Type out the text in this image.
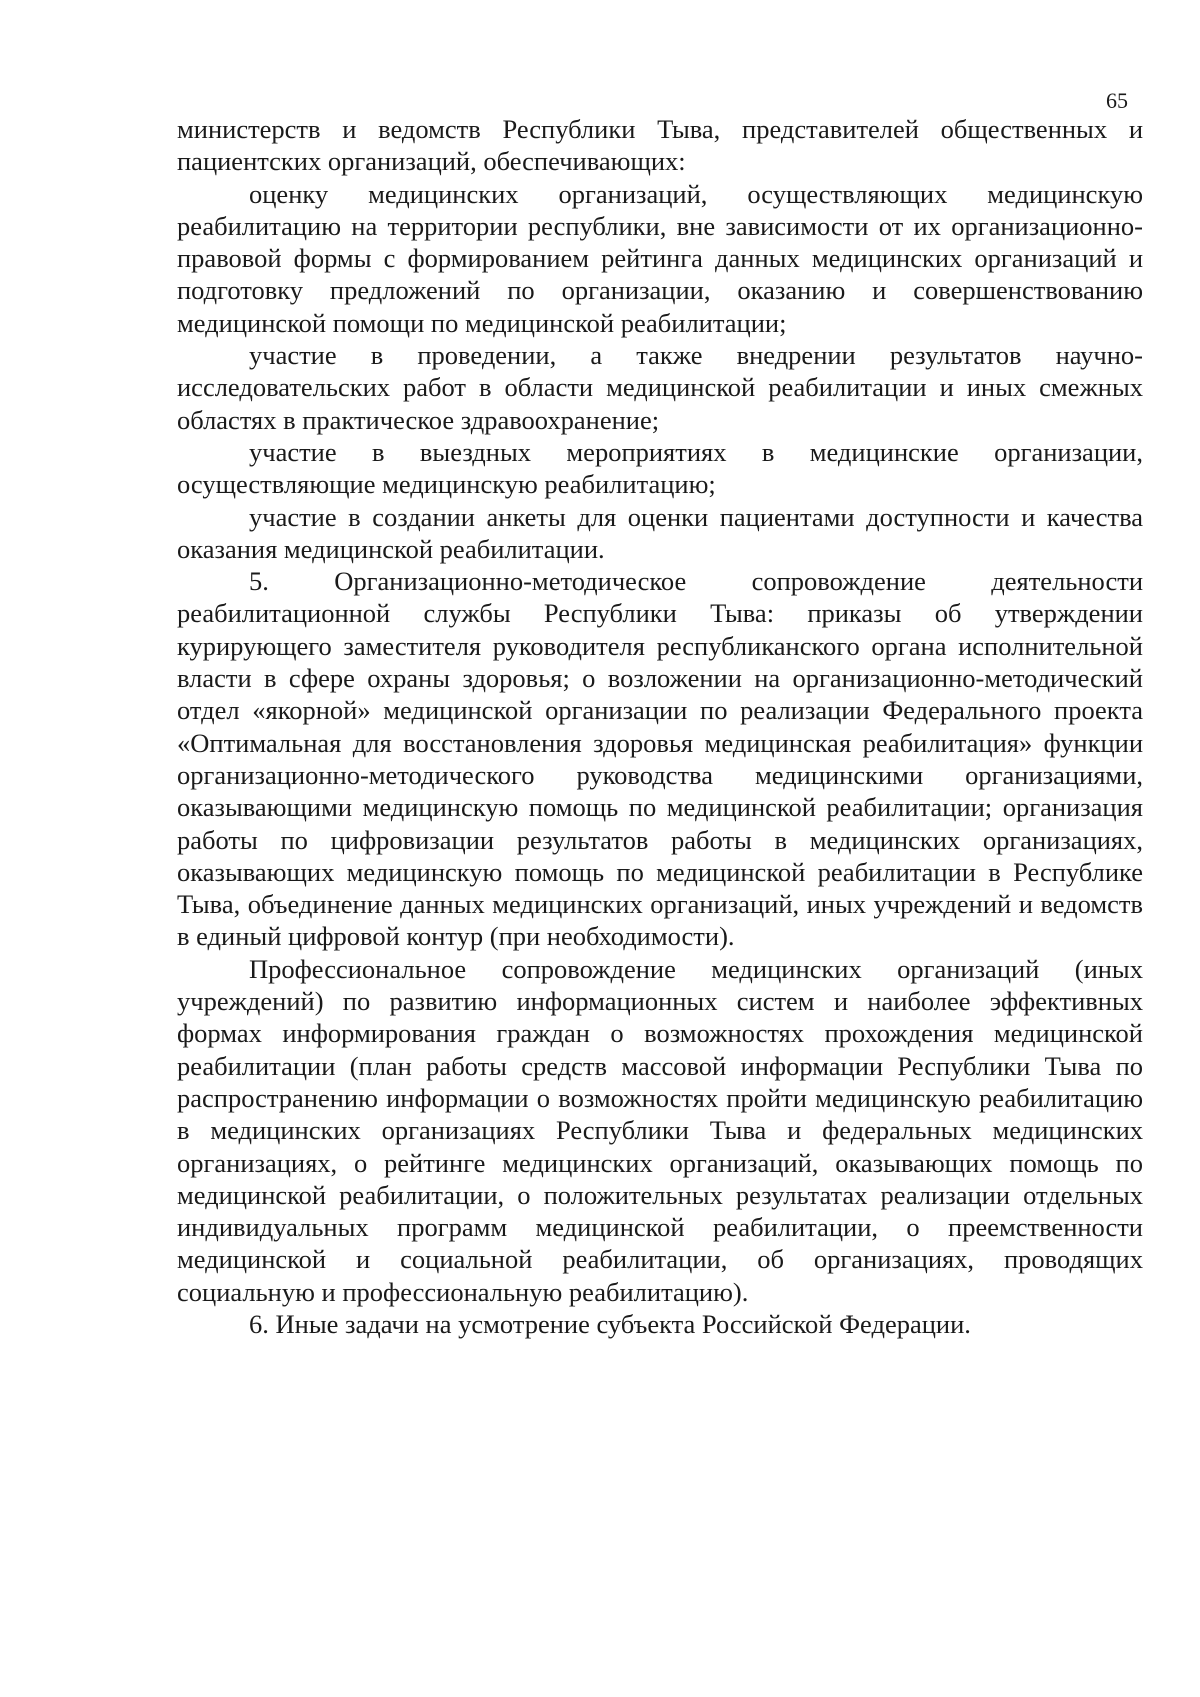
65

министерств и ведомств Республики Тыва, представителей общественных и пациентских организаций, обеспечивающих:

оценку медицинских организаций, осуществляющих медицинскую реабилитацию на территории республики, вне зависимости от их организационно-правовой формы с формированием рейтинга данных медицинских организаций и подготовку предложений по организации, оказанию и совершенствованию медицинской помощи по медицинской реабилитации;

участие в проведении, а также внедрении результатов научно-исследовательских работ в области медицинской реабилитации и иных смежных областях в практическое здравоохранение;

участие в выездных мероприятиях в медицинские организации, осуществляющие медицинскую реабилитацию;

участие в создании анкеты для оценки пациентами доступности и качества оказания медицинской реабилитации.

5. Организационно-методическое сопровождение деятельности реабилитационной службы Республики Тыва: приказы об утверждении курирующего заместителя руководителя республиканского органа исполнительной власти в сфере охраны здоровья; о возложении на организационно-методический отдел «якорной» медицинской организации по реализации Федерального проекта «Оптимальная для восстановления здоровья медицинская реабилитация» функции организационно-методического руководства медицинскими организациями, оказывающими медицинскую помощь по медицинской реабилитации; организация работы по цифровизации результатов работы в медицинских организациях, оказывающих медицинскую помощь по медицинской реабилитации в Республике Тыва, объединение данных медицинских организаций, иных учреждений и ведомств в единый цифровой контур (при необходимости).

Профессиональное сопровождение медицинских организаций (иных учреждений) по развитию информационных систем и наиболее эффективных формах информирования граждан о возможностях прохождения медицинской реабилитации (план работы средств массовой информации Республики Тыва по распространению информации о возможностях пройти медицинскую реабилитацию в медицинских организациях Республики Тыва и федеральных медицинских организациях, о рейтинге медицинских организаций, оказывающих помощь по медицинской реабилитации, о положительных результатах реализации отдельных индивидуальных программ медицинской реабилитации, о преемственности медицинской и социальной реабилитации, об организациях, проводящих социальную и профессиональную реабилитацию).

6. Иные задачи на усмотрение субъекта Российской Федерации.
